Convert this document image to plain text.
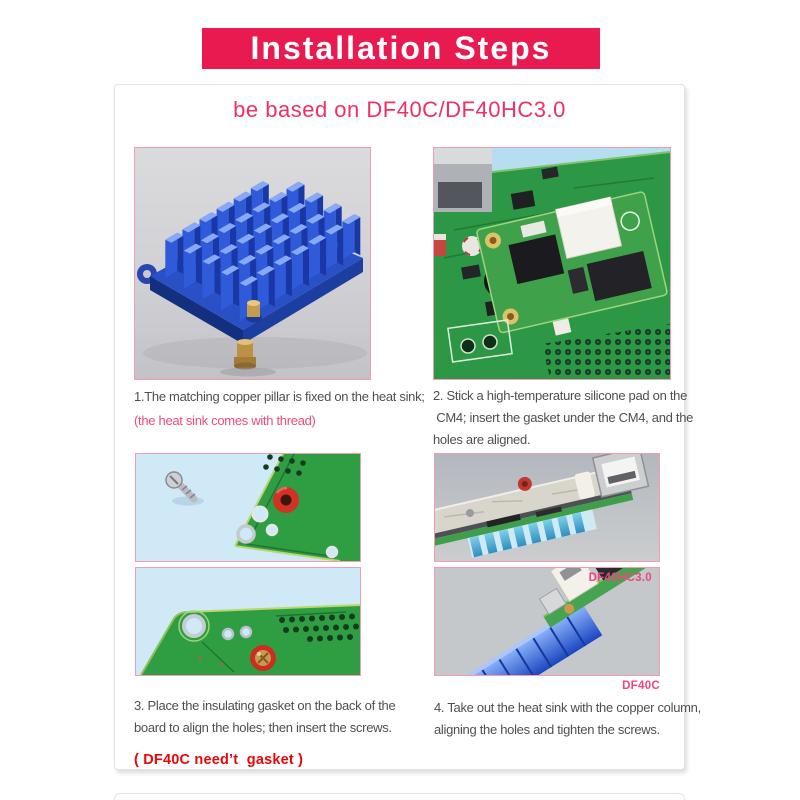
Installation Steps
be based on DF40C/DF40HC3.0

1.The matching copper pillar is fixed on the heat sink;

(the heat sink comes with thread)

2. Stick a high-temperature silicone pad on the

CM4; insert the gasket under the CM4, and the

holes are aligned.

DF40HC3.0
DF40C

3. Place the insulating gasket on the back of the

board to align the holes; then insert the screws.

( DF40C need’t  gasket )

4. Take out the heat sink with the copper column,

aligning the holes and tighten the screws.
